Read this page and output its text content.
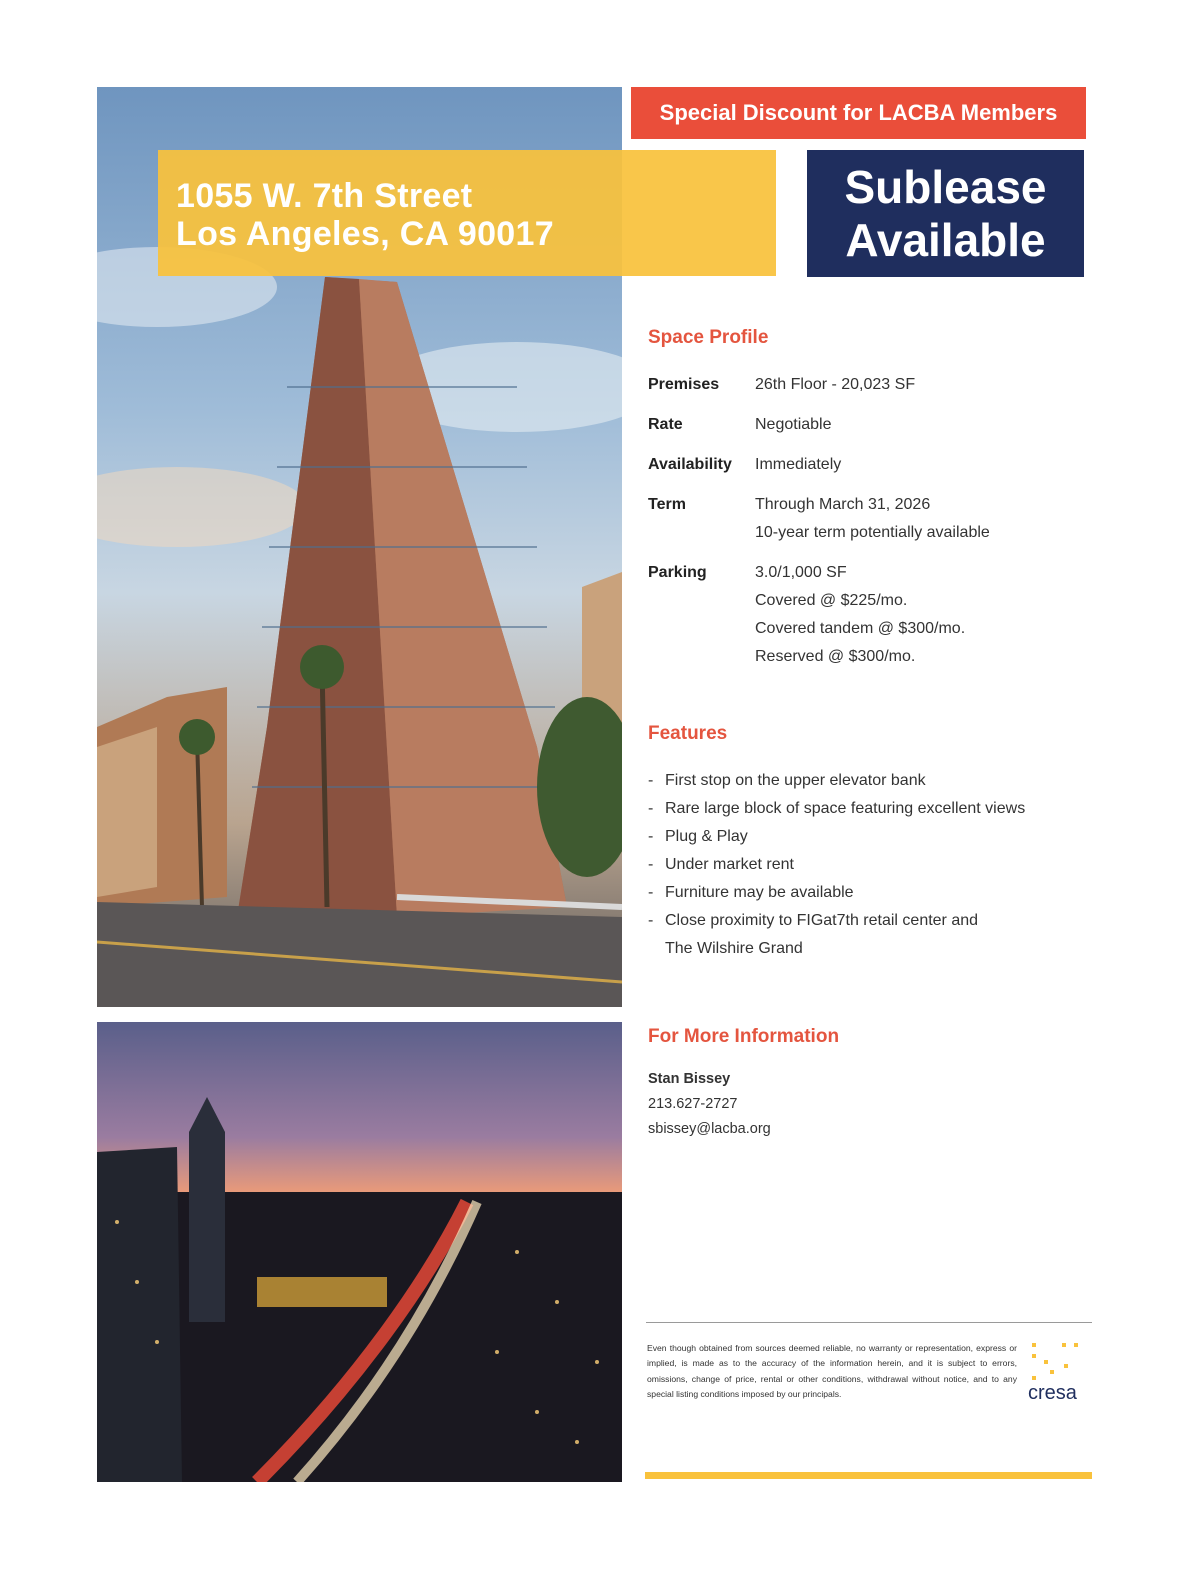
1055 W. 7th Street
Los Angeles, CA 90017
Special Discount for LACBA Members
Sublease
Available
Space Profile
Premises 26th Floor - 20,023 SF
Rate	Negotiable
Availability Immediately
Term	Through March 31, 2026
10-year term potentially available
Parking	3.0/1,000 SF
Covered @ $225/mo.
Covered tandem @ $300/mo.
Reserved @ $300/mo.
Features
- First stop on the upper elevator bank
- Rare large block of space featuring excellent views
- Plug & Play
- Under market rent
- Furniture may be available
- Close proximity to FIGat7th retail center and
The Wilshire Grand
For More Information
Stan Bissey
213.627-2727
sbissey@lacba.org
Even though obtained from sources deemed reliable, no warranty or representation, express or implied, is made as to the accuracy of the information herein, and it is subject to errors, omissions, change of price, rental or other conditions, withdrawal without notice, and to any special listing conditions imposed by our principals.	cresa
